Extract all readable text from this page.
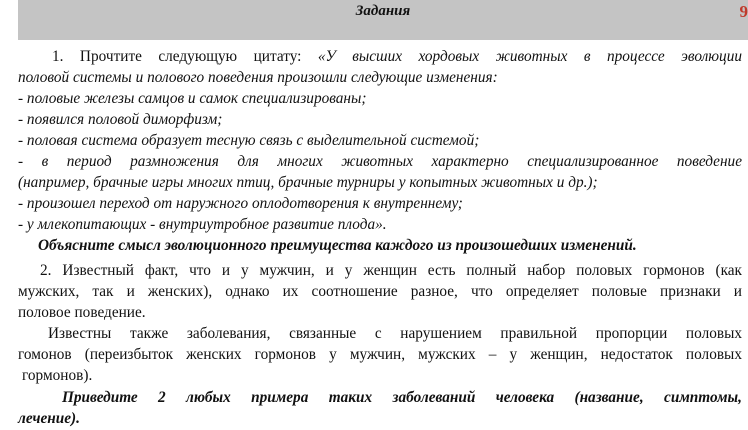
Задания	9
1. Прочтите следующую цитату: «У высших хордовых животных в процессе эволюции
половой системы и полового поведения произошли следующие изменения:
- половые железы самцов и самок специализированы;
- появился половой диморфизм;
- половая система образует тесную связь с выделительной системой;
- в период размножения для многих животных характерно специализированное поведение
(например, брачные игры многих птиц, брачные турниры у копытных животных и др.);
- произошел переход от наружного оплодотворения к внутреннему;
- у млекопитающих - внутриутробное развитие плода».
Объясните смысл эволюционного преимущества каждого из произошедших изменений.
2. Известный факт, что и у мужчин, и у женщин есть полный набор половых гормонов (как
мужских, так и женских), однако их соотношение разное, что определяет половые признаки и
половое поведение.
Известны также заболевания, связанные с нарушением правильной пропорции половых
гомонов (переизбыток женских гормонов у мужчин, мужских – у женщин, недостаток половых
гормонов).
Приведите 2 любых примера таких заболеваний человека (название, симптомы,
лечение).
